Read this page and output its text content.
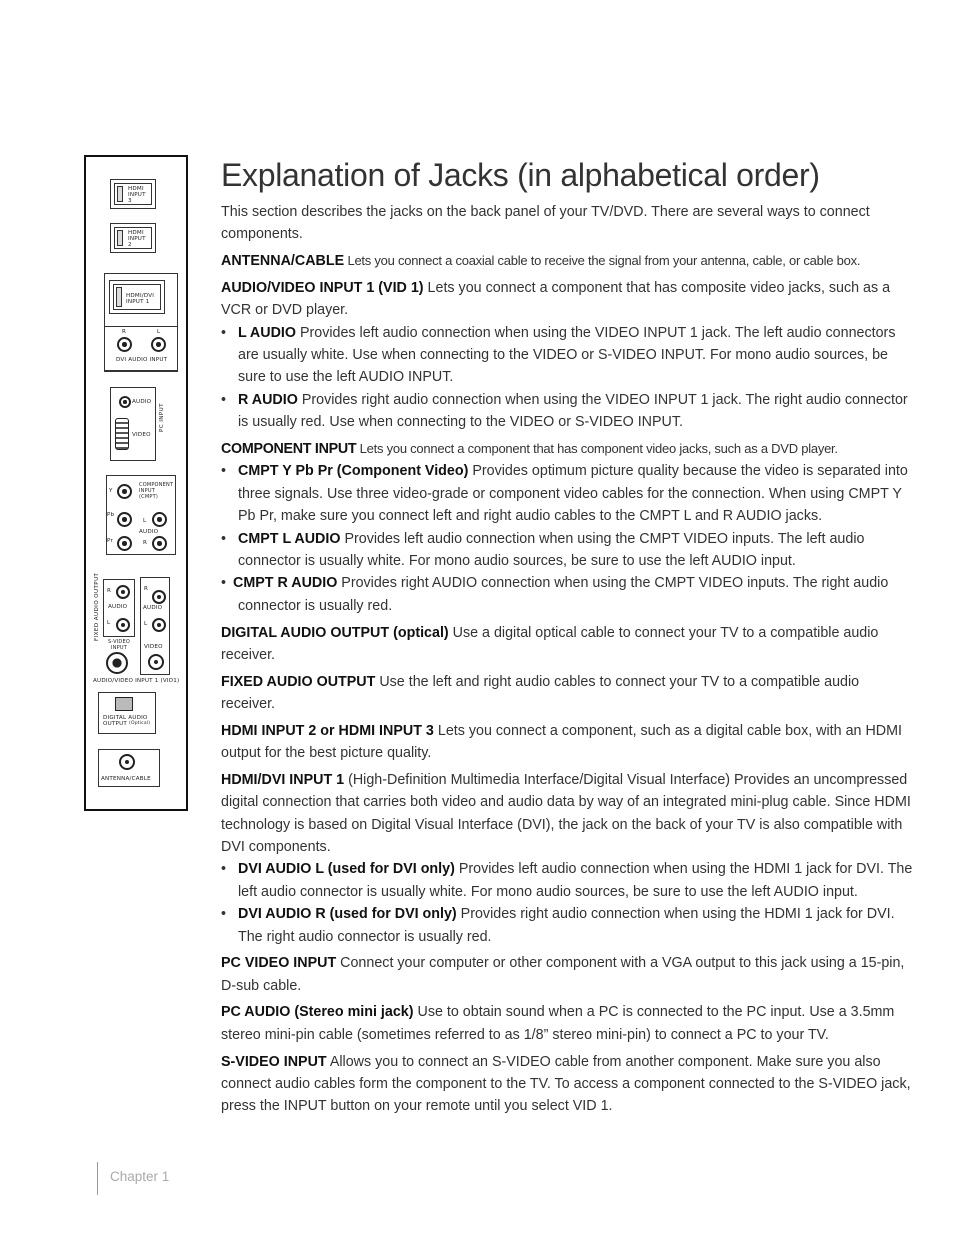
HDMI INPUT 3
HDMI INPUT 2
HDMI/DVI INPUT 1
R	L
DVI AUDIO INPUT
AUDIO
VIDEO
PC INPUT
Y
COMPONENT INPUT (CMPT)
Pb
L
AUDIO
Pr	R
FIXED AUDIO OUTPUT R
AUDIO
L
R
AUDIO
L
VIDEO
S-VIDEO INPUT
AUDIO/VIDEO INPUT 1 (VID1)
DIGITAL AUDIO OUTPUT (Optical)
ANTENNA/CABLE
Explanation of Jacks (in alphabetical order)

This section describes the jacks on the back panel of your TV/DVD. There are several ways to connect components.

ANTENNA/CABLE Lets you connect a coaxial cable to receive the signal from your antenna, cable, or cable box.

AUDIO/VIDEO INPUT 1 (VID 1) Lets you connect a component that has composite video jacks, such as a VCR or DVD player.

• L AUDIO Provides left audio connection when using the VIDEO INPUT 1 jack. The left audio connectors are usually white. Use when connecting to the VIDEO or S-VIDEO INPUT. For mono audio sources, be sure to use the left AUDIO INPUT.

• R AUDIO Provides right audio connection when using the VIDEO INPUT 1 jack. The right audio connector is usually red. Use when connecting to the VIDEO or S-VIDEO INPUT.

COMPONENT INPUT Lets you connect a component that has component video jacks, such as a DVD player.

• CMPT Y Pb Pr (Component Video) Provides optimum picture quality because the video is separated into three signals. Use three video-grade or component video cables for the connection. When using CMPT Y Pb Pr, make sure you connect left and right audio cables to the CMPT L and R AUDIO jacks.

• CMPT L AUDIO Provides left audio connection when using the CMPT VIDEO inputs. The left audio connector is usually white. For mono audio sources, be sure to use the left AUDIO input.

• CMPT R AUDIO Provides right AUDIO connection when using the CMPT VIDEO inputs. The right audio connector is usually red.

DIGITAL AUDIO OUTPUT (optical) Use a digital optical cable to connect your TV to a compatible audio receiver.

FIXED AUDIO OUTPUT Use the left and right audio cables to connect your TV to a compatible audio receiver.

HDMI INPUT 2 or HDMI INPUT 3 Lets you connect a component, such as a digital cable box, with an HDMI output for the best picture quality.

HDMI/DVI INPUT 1 (High-Definition Multimedia Interface/Digital Visual Interface) Provides an uncompressed digital connection that carries both video and audio data by way of an integrated mini-plug cable. Since HDMI technology is based on Digital Visual Interface (DVI), the jack on the back of your TV is also compatible with DVI components.

• DVI AUDIO L (used for DVI only) Provides left audio connection when using the HDMI 1 jack for DVI. The left audio connector is usually white. For mono audio sources, be sure to use the left AUDIO input.

• DVI AUDIO R (used for DVI only) Provides right audio connection when using the HDMI 1 jack for DVI. The right audio connector is usually red.

PC VIDEO INPUT Connect your computer or other component with a VGA output to this jack using a 15-pin, D-sub cable.

PC AUDIO (Stereo mini jack) Use to obtain sound when a PC is connected to the PC input. Use a 3.5mm stereo mini-pin cable (sometimes referred to as 1/8” stereo mini-pin) to connect a PC to your TV.

S-VIDEO INPUT Allows you to connect an S-VIDEO cable from another component. Make sure you also connect audio cables form the component to the TV. To access a component connected to the S-VIDEO jack, press the INPUT button on your remote until you select VID 1.

Chapter 1
